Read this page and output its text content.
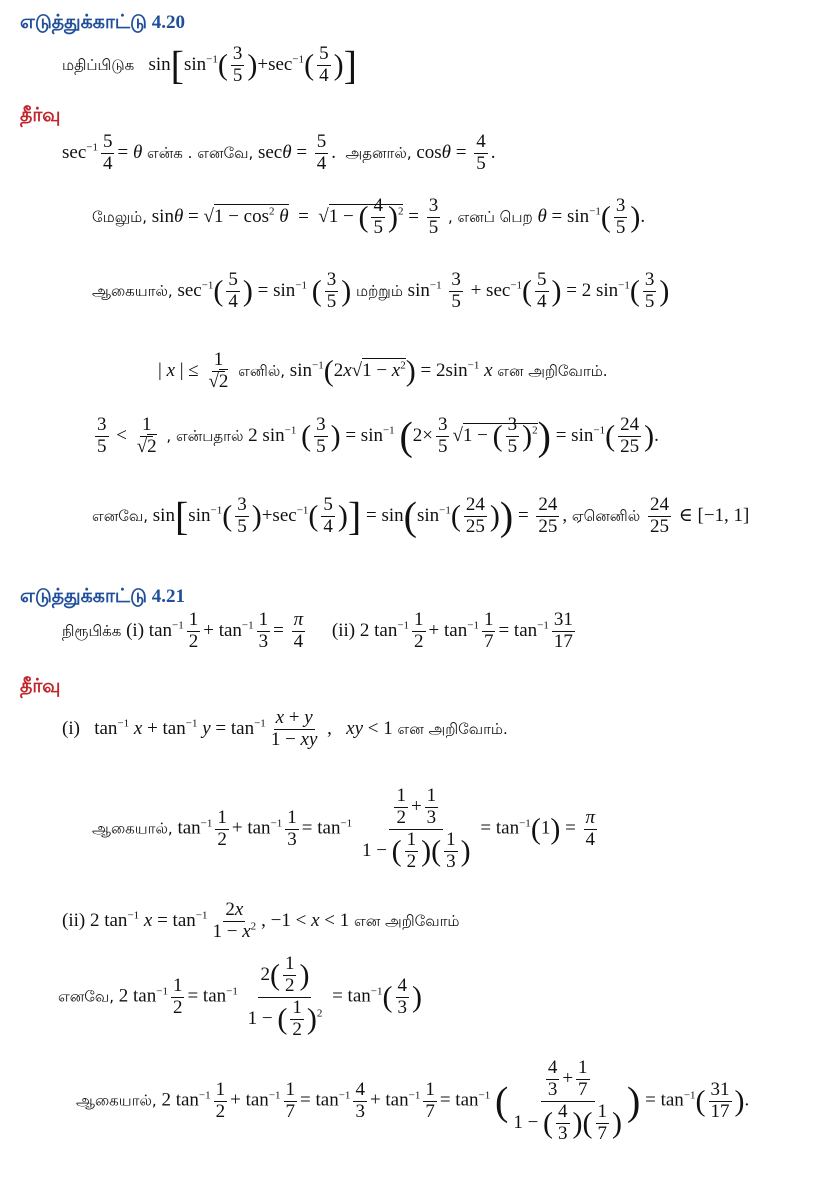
எடுத்துக்காட்டு 4.20
மதிப்பிடுக   $\sin[\sin^{-1}( \frac{3}{5} )+\sec^{-1}( \frac{5}{4}$ )]
தீர்வு
$\sec^{-1} \frac{5}{4} = \theta$ என்க . எனவே, $\sec\theta = \frac{5}{4}$ .  அதனால், $\cos\theta = \frac{4}{5}$ .
மேலும், $\sin\theta = √1 - \cos^2 \theta = √1$ − ( $\frac{4}{5} )^2 = \frac{3}{5}$ , எனப் பெற $\theta = \sin^{-1}( \frac{3}{5}$ ).
ஆகையால், $\sec^{-1}( \frac{5}{4}$ ) = $\sin^{-1}$ ( $\frac{3}{5}$ ) மற்றும் $\sin^{-1} \frac{3}{5} + \sec^{-1}( \frac{5}{4}$ ) = 2 $\sin^{-1}( \frac{3}{5}$ )
| x | ≤ $\frac{1}{√2}$ எனில், $\sin^{-1}(2x√1 - x^2) = 2\sin^{-1}$ x என அறிவோம்.
$\frac{3}{5} < \frac{1}{√2}$ , என்பதால் 2 $\sin^{-1}$ ( $\frac{3}{5}$ ) = $\sin^{-1} (2\times \frac{3}{5} √1$ − ( $\frac{3}{5} )^2) = \sin^{-1}( \frac{24}{25}$ ).
எனவே, $\sin[\sin^{-1}( \frac{3}{5} )+\sec^{-1}( \frac{5}{4}$ )] = $\sin(\sin^{-1}( \frac{24}{25}$ )) = $\frac{24}{25}$ , ஏனெனில் $\frac{24}{25}$ ∈ [−1, 1]
எடுத்துக்காட்டு 4.21
நிரூபிக்க (i) $\tan^{-1} \frac{1}{2} + \tan^{-1} \frac{1}{3} = \frac{\pi}{4} (ii)$ 2 $\tan^{-1} \frac{1}{2} + \tan^{-1} \frac{1}{7} = \tan^{-1} \frac{31}{17}$
தீர்வு
(i)   $\tan^{-1} x + \tan^{-1} y = \tan^{-1} \frac{x + y}{1 - xy}$ ,   xy < 1 என அறிவோம்.
ஆகையால், $\tan^{-1} \frac{1}{2} + \tan^{-1} \frac{1}{3} = \tan^{-1} \frac{\frac{1}{2} + \frac{1}{3}}{1 - ( \frac{1}{2} )( \frac{1}{3} )} = \tan^{-1}(1) = \frac{\pi}{4}$
(ii) 2 $\tan^{-1} x = \tan^{-1} \frac{2x}{1 - x^2}$ , −1 < x < 1 என அறிவோம்
எனவே, 2 $\tan^{-1} \frac{1}{2} = \tan^{-1} \frac{2( \frac{1}{2} )}{1 - ( \frac{1}{2} )^2} = \tan^{-1}( \frac{4}{3}$ )
ஆகையால், 2 $\tan^{-1} \frac{1}{2} + \tan^{-1} \frac{1}{7} = \tan^{-1} \frac{4}{3} + \tan^{-1} \frac{1}{7} = \tan^{-1}$ ( $\frac{\frac{4}{3} + \frac{1}{7}}{1 - ( \frac{4}{3} )( \frac{1}{7} )}$ ) = $\tan^{-1}( \frac{31}{17}$ ).
